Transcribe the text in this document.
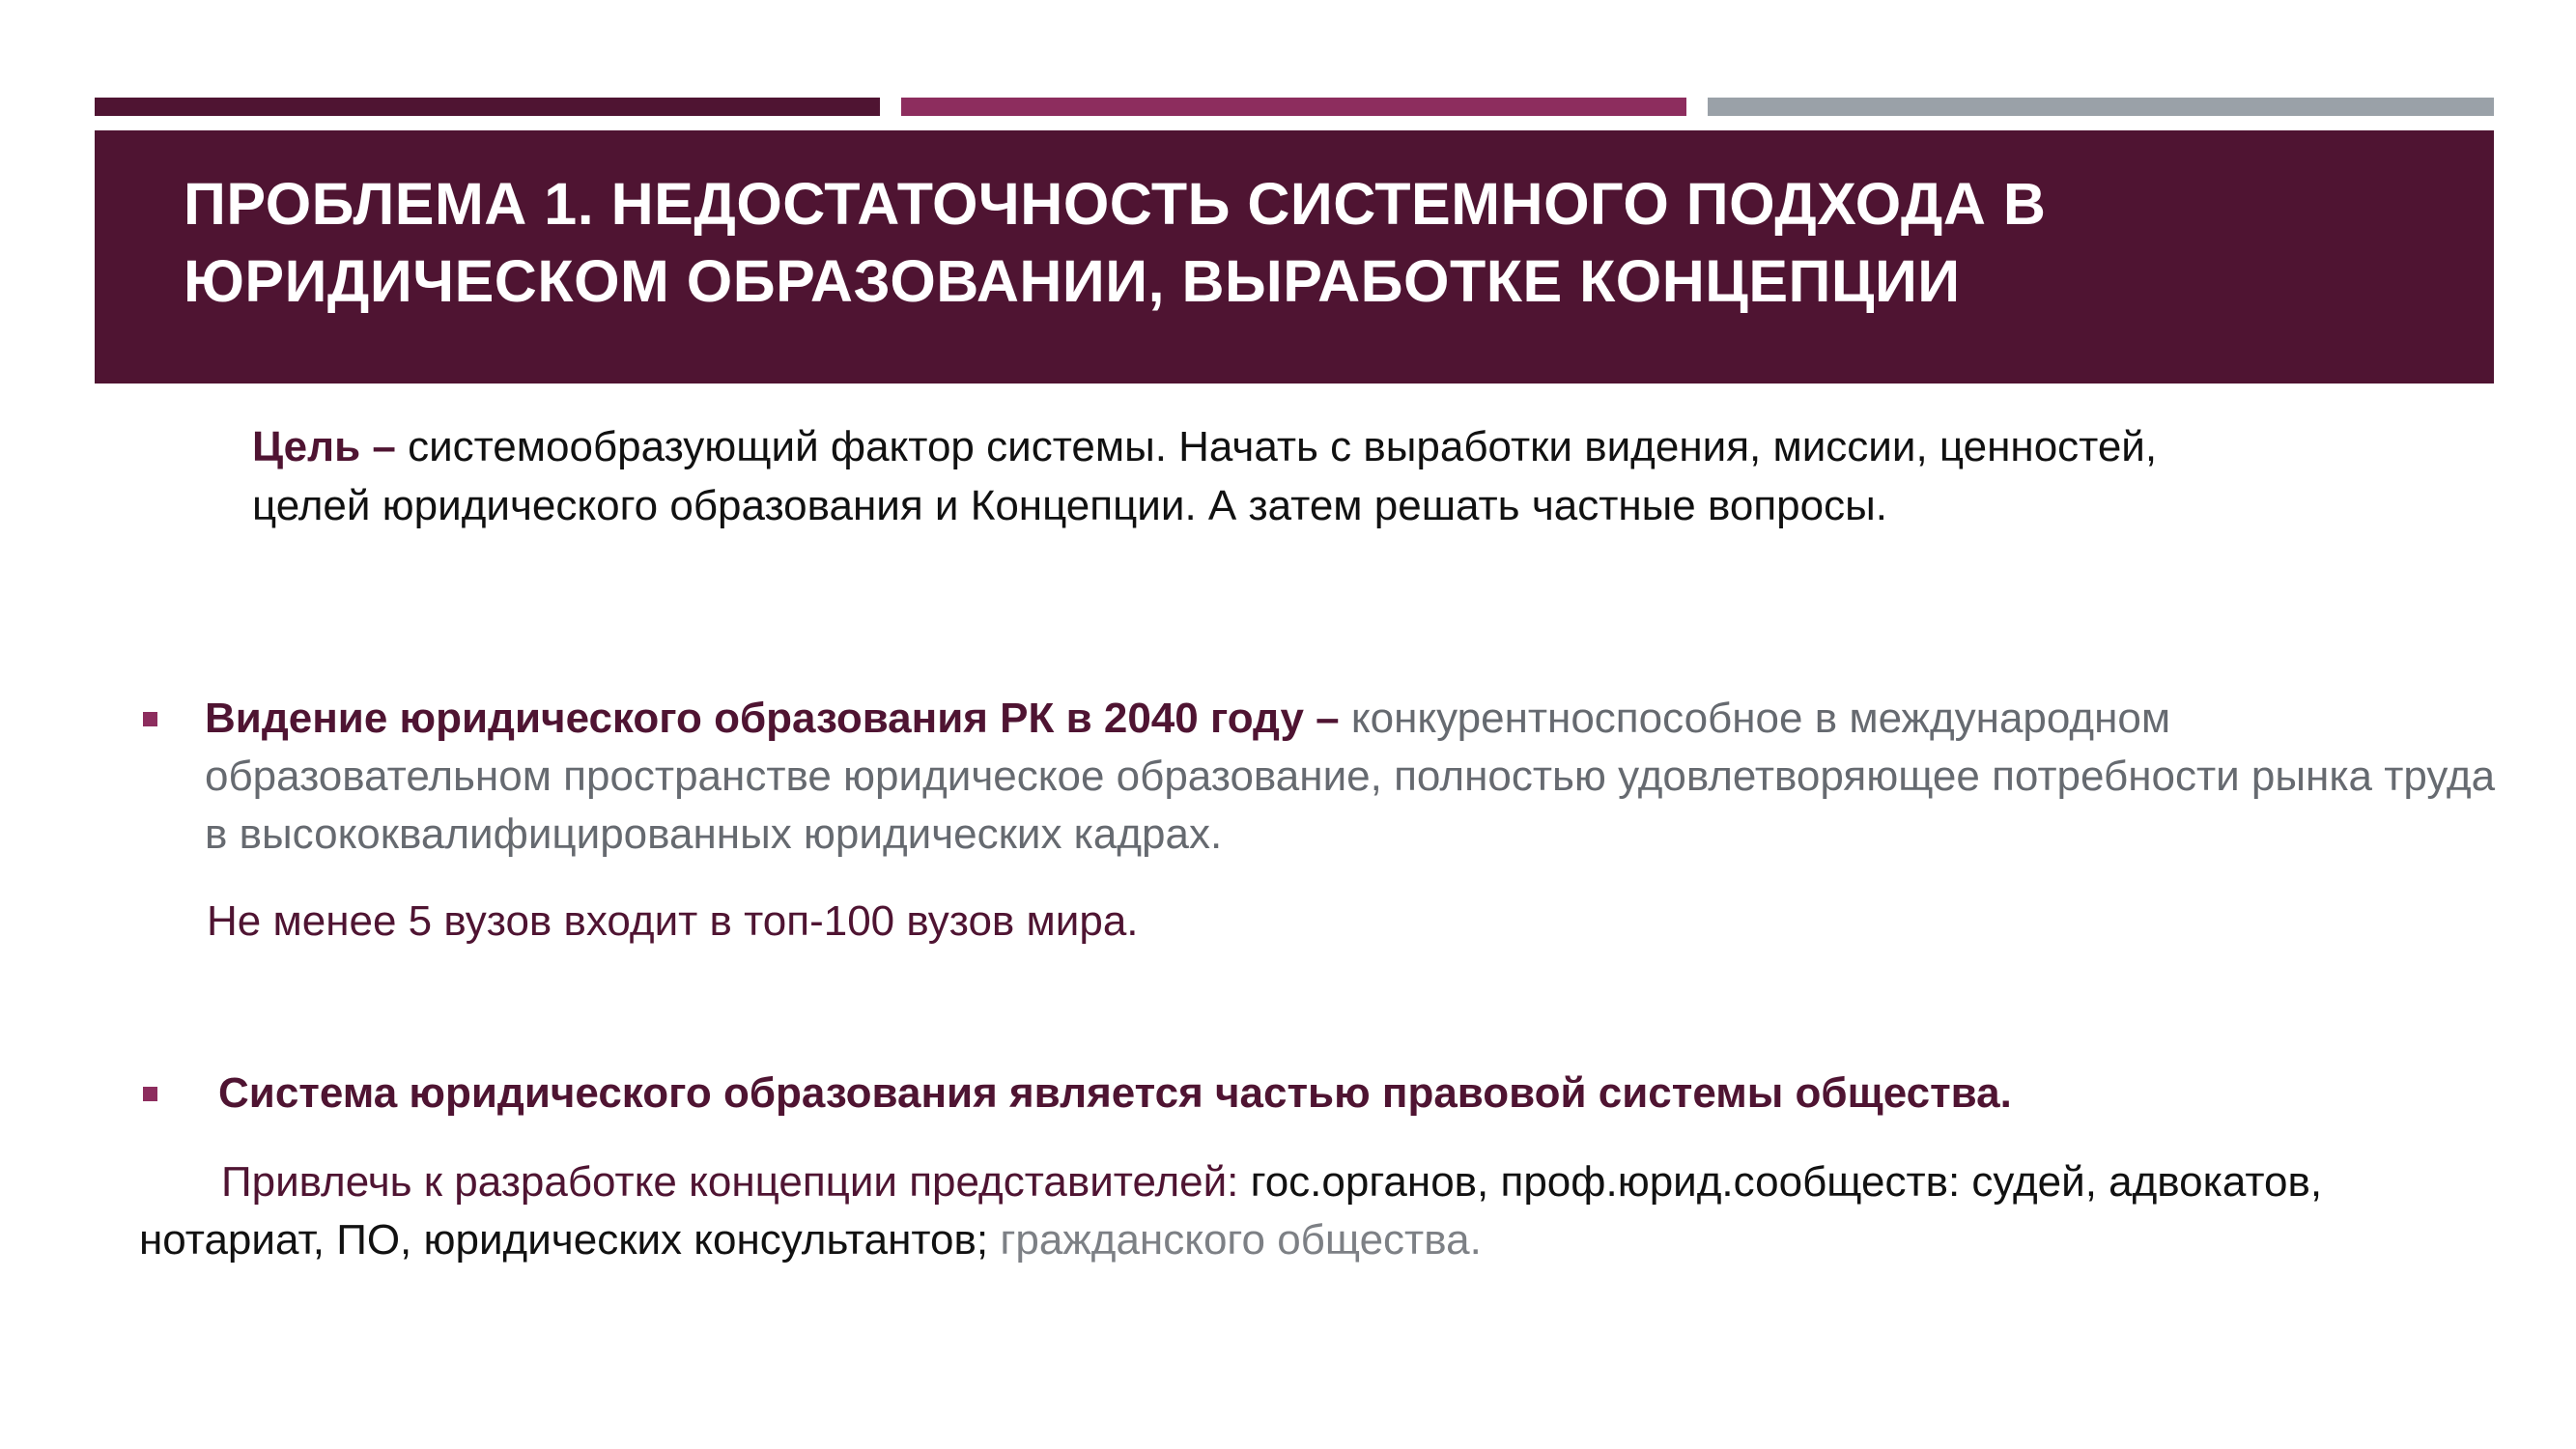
ПРОБЛЕМА 1. НЕДОСТАТОЧНОСТЬ СИСТЕМНОГО ПОДХОДА В
ЮРИДИЧЕСКОМ ОБРАЗОВАНИИ, ВЫРАБОТКЕ КОНЦЕПЦИИ
Цель – системообразующий фактор системы. Начать с выработки видения, миссии, ценностей, целей юридического образования и Концепции. А затем решать частные вопросы.
Видение юридического образования РК в 2040 году – конкурентноспособное в международном образовательном пространстве юридическое образование, полностью удовлетворяющее потребности рынка труда в высококвалифицированных юридических кадрах.
Не менее 5 вузов входит в топ-100 вузов мира.
Система юридического образования является частью правовой системы общества.
Привлечь к разработке концепции представителей: гос.органов, проф.юрид.сообществ: судей, адвокатов, нотариат, ПО, юридических консультантов; гражданского общества.
